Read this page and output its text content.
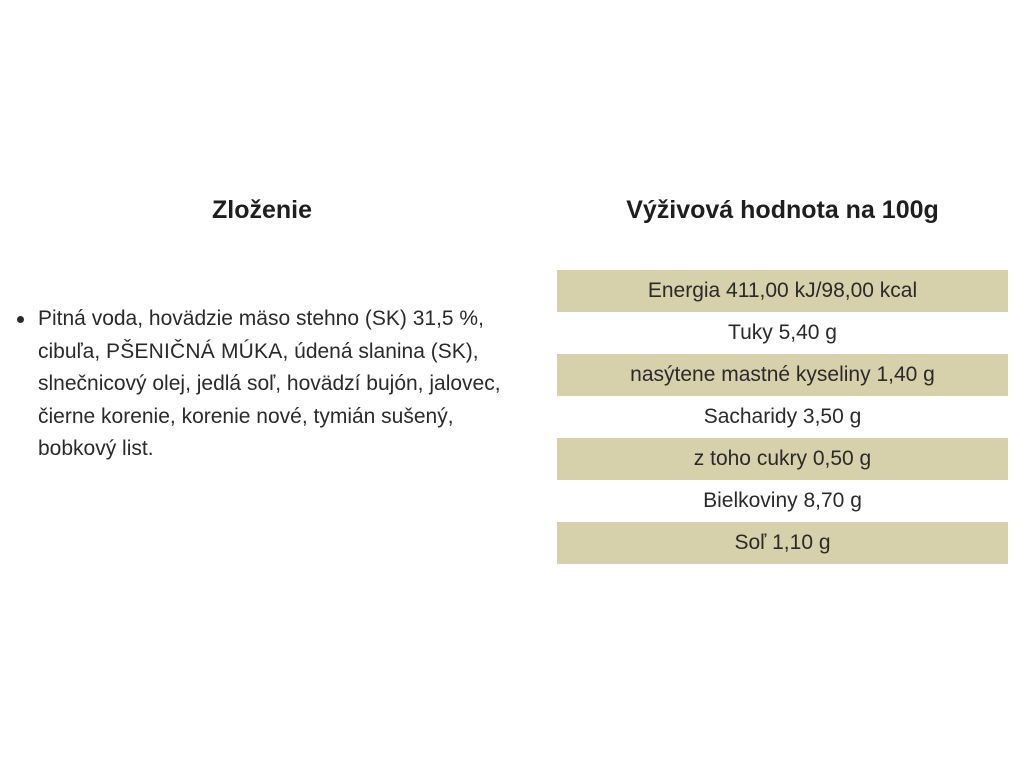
Zloženie
Pitná voda, hovädzie mäso stehno (SK) 31,5 %, cibuľa, PŠENIČNÁ MÚKA, údená slanina (SK), slnečnicový olej, jedlá soľ, hovädzí bujón, jalovec, čierne korenie, korenie nové, tymián sušený, bobkový list.
Výživová hodnota na 100g
Energia 411,00 kJ/98,00 kcal
Tuky 5,40 g
nasýtene mastné kyseliny 1,40 g
Sacharidy 3,50 g
z toho cukry 0,50 g
Bielkoviny 8,70 g
Soľ 1,10 g
